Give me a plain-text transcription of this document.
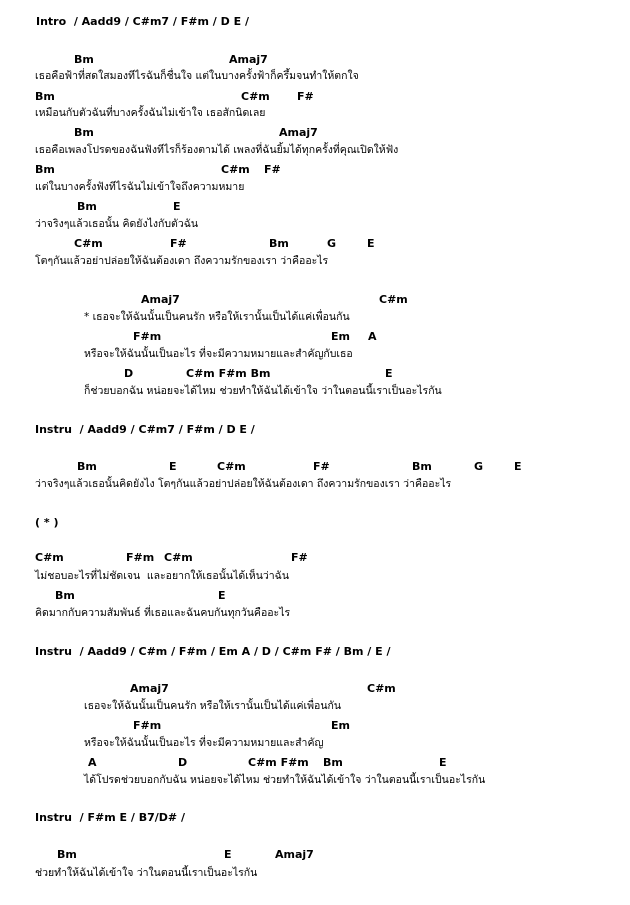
Intro  / Aadd9 / C#m7 / F#m / D E /
Bm	Amaj7
เธอคือฟ้าที่สดใสมองทีไรฉันก็ชื่นใจ แต่ในบางครั้งฟ้าก็ครึ้มจนทำให้ตกใจ
Bm	C#m F#
เหมือนกับตัวฉันที่บางครั้งฉันไม่เข้าใจ เธอสักนิดเลย
Bm	Amaj7
เธอคือเพลงโปรดของฉันฟังทีไรก็ร้องตามได้ เพลงที่ฉันยิ้มได้ทุกครั้งที่คุณเปิดให้ฟัง
Bm	C#m F#
แต่ในบางครั้งฟังทีไรฉันไม่เข้าใจถึงความหมาย
Bm	E
ว่าจริงๆแล้วเธอนั้น คิดยังไงกับตัวฉัน
C#m	F#	Bm	G	E
โตๆกันแล้วอย่าปล่อยให้ฉันต้องเดา ถึงความรักของเรา ว่าคืออะไร
Amaj7	C#m
* เธอจะให้ฉันนั้นเป็นคนรัก หรือให้เรานั้นเป็นได้แค่เพื่อนกัน
F#m	Em A
หรือจะให้ฉันนั้นเป็นอะไร ที่จะมีความหมายและสำคัญกับเธอ
D	C#m F#m Bm	E
ก็ช่วยบอกฉัน หน่อยจะได้ไหม ช่วยทำให้ฉันได้เข้าใจ ว่าในตอนนี้เราเป็นอะไรกัน
Instru  / Aadd9 / C#m7 / F#m / D E /
Bm	E	C#m	F#	Bm	G	E
ว่าจริงๆแล้วเธอนั้นคิดยังไง โตๆกันแล้วอย่าปล่อยให้ฉันต้องเดา ถึงความรักของเรา ว่าคืออะไร
( * )
C#m	F#m C#m	F#
ไม่ชอบอะไรที่ไม่ชัดเจน  และอยากให้เธอนั้นได้เห็นว่าฉัน
Bm	E
คิดมากกับความสัมพันธ์ ที่เธอและฉันคบกันทุกวันคืออะไร
Instru  / Aadd9 / C#m / F#m / Em A / D / C#m F# / Bm / E /
Amaj7	C#m
เธอจะให้ฉันนั้นเป็นคนรัก หรือให้เรานั้นเป็นได้แค่เพื่อนกัน
F#m	Em
หรือจะให้ฉันนั้นเป็นอะไร ที่จะมีความหมายและสำคัญ
A	D	C#m F#m Bm	E
ได้โปรดช่วยบอกกับฉัน หน่อยจะได้ไหม ช่วยทำให้ฉันได้เข้าใจ ว่าในตอนนี้เราเป็นอะไรกัน
Instru  / F#m E / B7/D# /
Bm	E	Amaj7
ช่วยทำให้ฉันได้เข้าใจ ว่าในตอนนี้เราเป็นอะไรกัน
